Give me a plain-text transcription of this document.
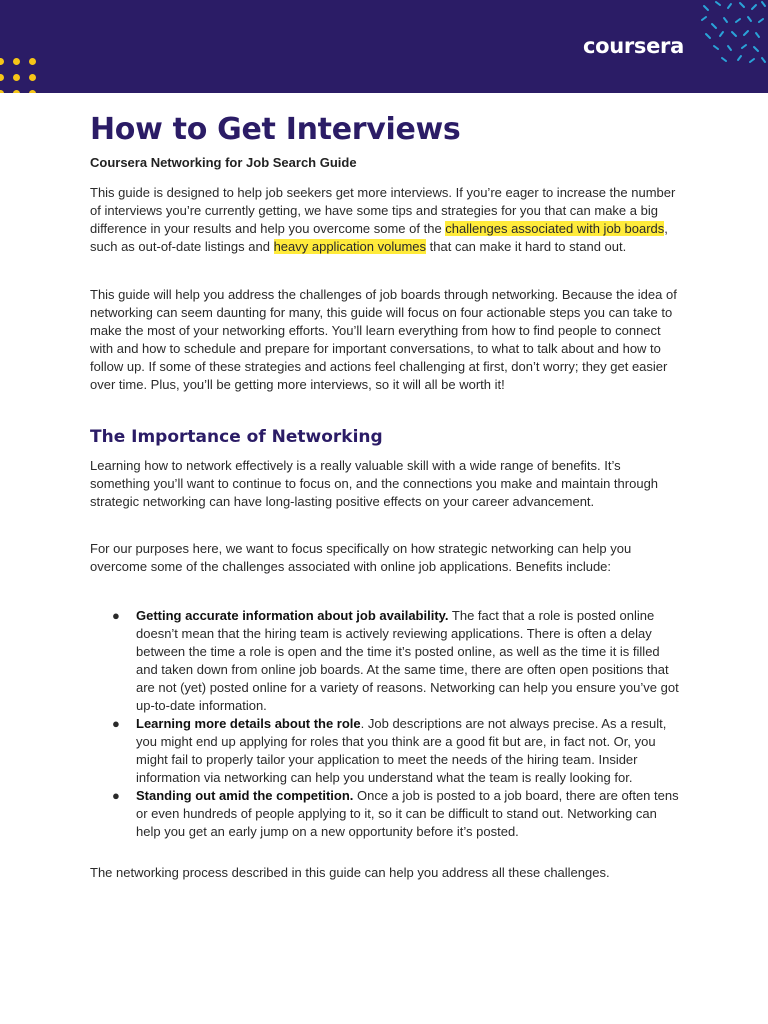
coursera
How to Get Interviews

Coursera Networking for Job Search Guide

This guide is designed to help job seekers get more interviews. If you’re eager to increase the number of interviews you’re currently getting, we have some tips and strategies for you that can make a big difference in your results and help you overcome some of the challenges associated with job boards, such as out-of-date listings and heavy application volumes that can make it hard to stand out.

This guide will help you address the challenges of job boards through networking. Because the idea of networking can seem daunting for many, this guide will focus on four actionable steps you can take to make the most of your networking efforts. You’ll learn everything from how to find people to connect with and how to schedule and prepare for important conversations, to what to talk about and how to follow up. If some of these strategies and actions feel challenging at first, don’t worry; they get easier over time. Plus, you’ll be getting more interviews, so it will all be worth it!

The Importance of Networking

Learning how to network effectively is a really valuable skill with a wide range of benefits. It’s something you’ll want to continue to focus on, and the connections you make and maintain through strategic networking can have long-lasting positive effects on your career advancement.

For our purposes here, we want to focus specifically on how strategic networking can help you overcome some of the challenges associated with online job applications. Benefits include:

● Getting accurate information about job availability. The fact that a role is posted online doesn’t mean that the hiring team is actively reviewing applications. There is often a delay between the time a role is open and the time it’s posted online, as well as the time it is filled and taken down from online job boards. At the same time, there are often open positions that are not (yet) posted online for a variety of reasons. Networking can help you ensure you’ve got up-to-date information.
● Learning more details about the role. Job descriptions are not always precise. As a result, you might end up applying for roles that you think are a good fit but are, in fact not. Or, you might fail to properly tailor your application to meet the needs of the hiring team. Insider information via networking can help you understand what the team is really looking for.
● Standing out amid the competition. Once a job is posted to a job board, there are often tens or even hundreds of people applying to it, so it can be difficult to stand out. Networking can help you get an early jump on a new opportunity before it’s posted.

The networking process described in this guide can help you address all these challenges.
